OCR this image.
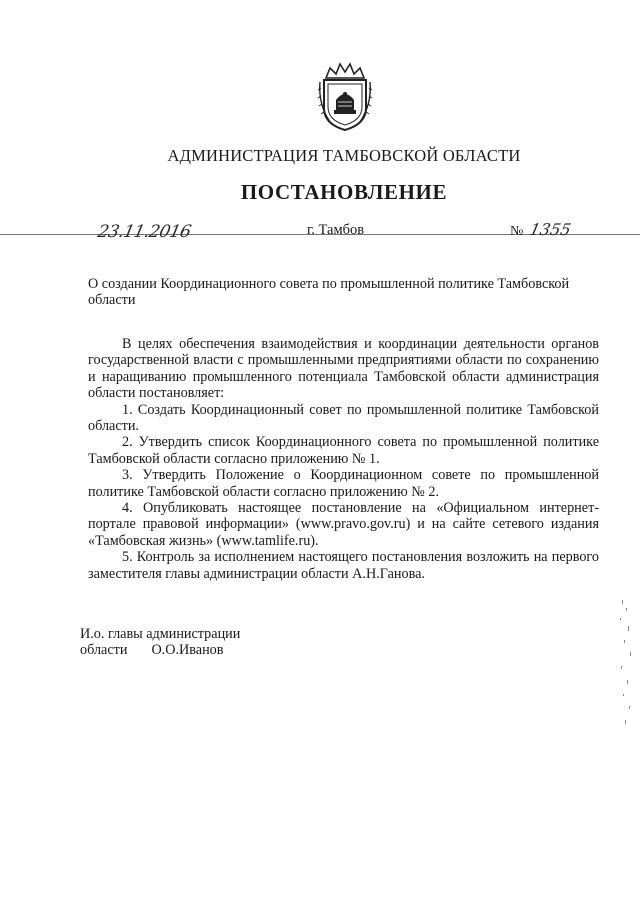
АДМИНИСТРАЦИЯ ТАМБОВСКОЙ ОБЛАСТИ
ПОСТАНОВЛЕНИЕ
23.11.2016	г. Тамбов	№ 1355
О создании Координационного совета по промышленной политике Тамбовской области

В целях обеспечения взаимодействия и координации деятельности органов государственной власти с промышленными предприятиями области по сохранению и наращиванию промышленного потенциала Тамбовской области администрация области постановляет:

1. Создать Координационный совет по промышленной политике Тамбовской области.

2. Утвердить список Координационного совета по промышленной политике Тамбовской области согласно приложению № 1.

3. Утвердить Положение о Координационном совете по промышленной политике Тамбовской области согласно приложению № 2.

4. Опубликовать настоящее постановление на «Официальном интернет-портале правовой информации» (www.pravo.gov.ru) и на сайте сетевого издания «Тамбовская жизнь» (www.tamlife.ru).

5. Контроль за исполнением настоящего постановления возложить на первого заместителя главы администрации области А.Н.Ганова.

И.о. главы администрации
области О.О.Иванов
